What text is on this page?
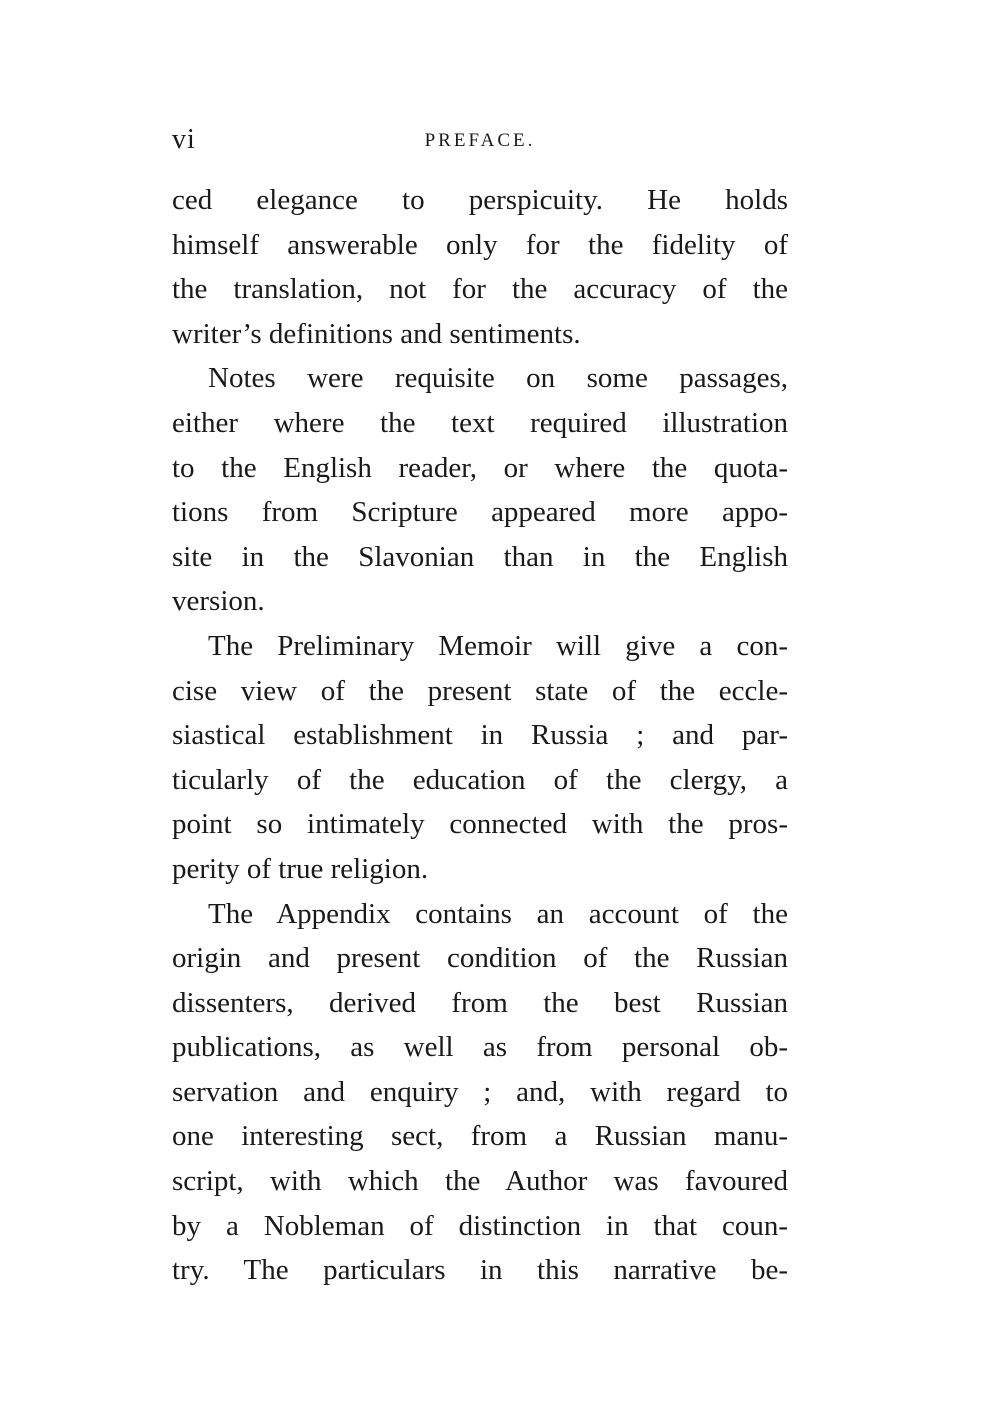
vi	PREFACE.
ced elegance to perspicuity. He holds
himself answerable only for the fidelity of
the translation, not for the accuracy of the
writer’s definitions and sentiments.
Notes were requisite on some passages,
either where the text required illustration
to the English reader, or where the quota-
tions from Scripture appeared more appo-
site in the Slavonian than in the English
version.
The Preliminary Memoir will give a con-
cise view of the present state of the eccle-
siastical establishment in Russia ; and par-
ticularly of the education of the clergy, a
point so intimately connected with the pros-
perity of true religion.
The Appendix contains an account of the
origin and present condition of the Russian
dissenters, derived from the best Russian
publications, as well as from personal ob-
servation and enquiry ; and, with regard to
one interesting sect, from a Russian manu-
script, with which the Author was favoured
by a Nobleman of distinction in that coun-
try. The particulars in this narrative be-
